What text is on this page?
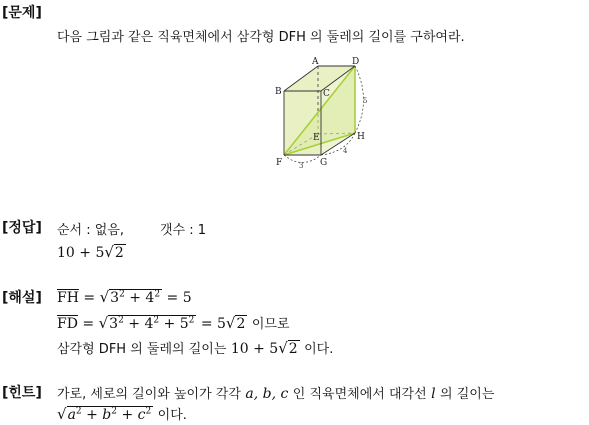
[문제]
다음 그림과 같은 직육면체에서 삼각형 DFH 의 둘레의 길이를 구하여라.
A
B	C
D
E
F	G
H
5
3
4
[정답] 순서 : 없음,	갯수 : 1
10 + 5√2
[해설] $\overline{FH} = √3^2 + 4^2 = 5$
$\overline{FD} = √3^2 + 4^2 + 5^2 = 5√2$ 이므로
삼각형 DFH 의 둘레의 길이는 10 + 5√2 이다.
[힌트] 가로, 세로의 길이와 높이가 각각 a, b, c 인 직육면체에서 대각선 l 의 길이는
$√a^2 + b^2 + c^2$ 이다.
